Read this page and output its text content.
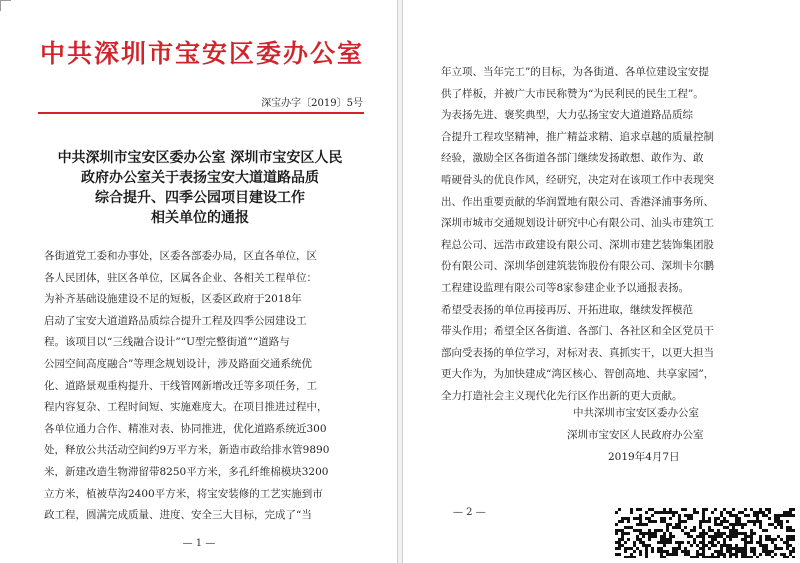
中共深圳市宝安区委办公室
深宝办字〔2019〕5号
中共深圳市宝安区委办公室 深圳市宝安区人民
政府办公室关于表扬宝安大道道路品质
综合提升、四季公园项目建设工作
相关单位的通报
各街道党工委和办事处，区委各部委办局，区直各单位，区
各人民团体，驻区各单位，区属各企业、各相关工程单位：
为补齐基础设施建设不足的短板，区委区政府于2018年
启动了宝安大道道路品质综合提升工程及四季公园建设工
程。该项目以“三线融合设计”“U型完整街道”“道路与
公园空间高度融合”等理念规划设计，涉及路面交通系统优
化、道路景观重构提升、干线管网新增改迁等多项任务，工
程内容复杂、工程时间短、实施难度大。在项目推进过程中，
各单位通力合作、精准对表、协同推进，优化道路系统近300
处，释放公共活动空间约9万平方米，新造市政给排水管9890
米，新建改造生物滞留带8250平方米，多孔纤维棉模块3200
立方米，植被草沟2400平方米，将宝安装修的工艺实施到市
政工程，圆满完成质量、进度、安全三大目标，完成了“当
— 1 —
年立项、当年完工”的目标，为各街道、各单位建设宝安提
供了样板，并被广大市民称赞为“为民利民的民生工程”。
为表扬先进、褒奖典型，大力弘扬宝安大道道路品质综
合提升工程攻坚精神，推广精益求精、追求卓越的质量控制
经验，激励全区各街道各部门继续发扬敢想、敢作为、敢
啃硬骨头的优良作风，经研究，决定对在该项工作中表现突
出、作出重要贡献的华润置地有限公司、香港泽浦事务所、
深圳市城市交通规划设计研究中心有限公司、汕头市建筑工
程总公司、远浩市政建设有限公司、深圳市建艺装饰集团股
份有限公司、深圳华创建筑装饰股份有限公司、深圳卡尔鹏
工程建设监理有限公司等8家参建企业予以通报表扬。
希望受表扬的单位再接再厉、开拓进取，继续发挥模范
带头作用；希望全区各街道、各部门、各社区和全区党员干
部向受表扬的单位学习，对标对表、真抓实干，以更大担当
更大作为，为加快建成“湾区核心、智创高地、共享家园”，
全力打造社会主义现代化先行区作出新的更大贡献。
中共深圳市宝安区委办公室
深圳市宝安区人民政府办公室
2019年4月7日
— 2 —
